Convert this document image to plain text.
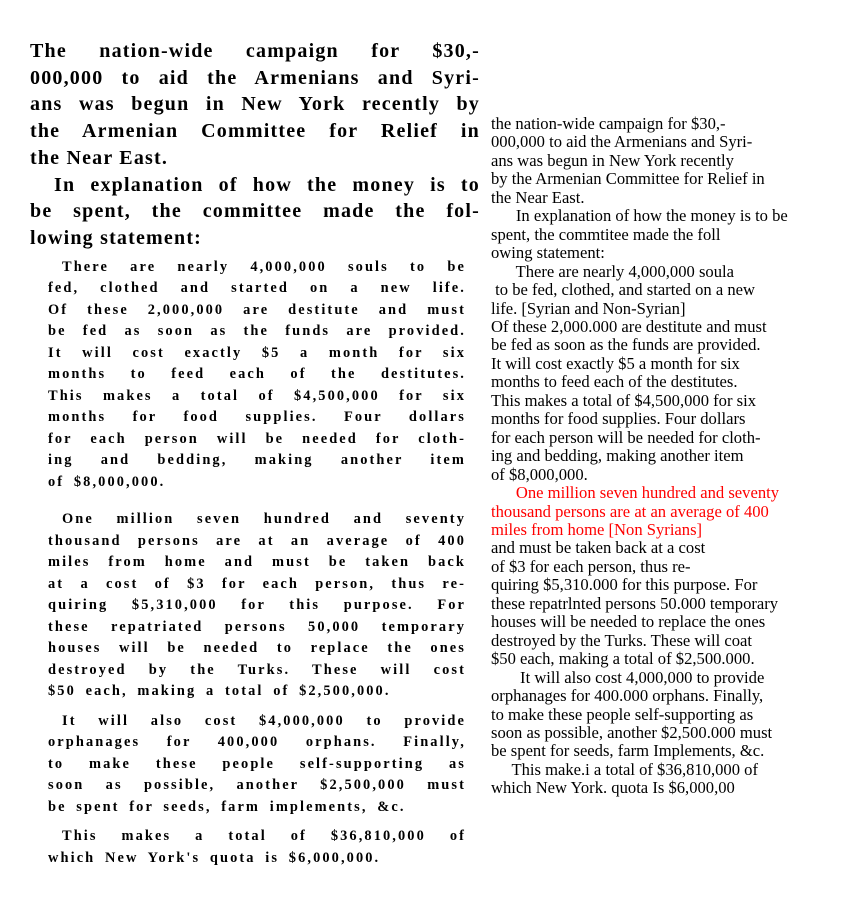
The nation-wide campaign for $30,-
000,000 to aid the Armenians and Syri-
ans was begun in New York recently by
the Armenian Committee for Relief in
the Near East.
In explanation of how the money is to
be spent, the committee made the fol-
lowing statement:
There are nearly 4,000,000 souls to be
fed, clothed and started on a new life.
Of these 2,000,000 are destitute and must
be fed as soon as the funds are provided.
It will cost exactly $5 a month for six
months to feed each of the destitutes.
This makes a total of $4,500,000 for six
months for food supplies. Four dollars
for each person will be needed for cloth-
ing and bedding, making another item
of $8,000,000.
One million seven hundred and seventy
thousand persons are at an average of 400
miles from home and must be taken back
at a cost of $3 for each person, thus re-
quiring $5,310,000 for this purpose. For
these repatriated persons 50,000 temporary
houses will be needed to replace the ones
destroyed by the Turks. These will cost
$50 each, making a total of $2,500,000.
It will also cost $4,000,000 to provide
orphanages for 400,000 orphans. Finally,
to make these people self-supporting as
soon as possible, another $2,500,000 must
be spent for seeds, farm implements, &c.
This makes a total of $36,810,000 of
which New York's quota is $6,000,000.
the nation-wide campaign for $30,-
000,000 to aid the Armenians and Syri-
ans was begun in New York recently
by the Armenian Committee for Relief in
the Near East.
In explanation of how the money is to be
spent, the commtitee made the foll
owing statement:
There are nearly 4,000,000 soula
to be fed, clothed, and started on a new
life. [Syrian and Non-Syrian]
Of these 2,000.000 are destitute and must
be fed as soon as the funds are provided.
It will cost exactly $5 a month for six
months to feed each of the destitutes.
This makes a total of $4,500,000 for six
months for food supplies. Four dollars
for each person will be needed for cloth-
ing and bedding, making another item
of $8,000,000.
One million seven hundred and seventy
thousand persons are at an average of 400
miles from home [Non Syrians]
and must be taken back at a cost
of $3 for each person, thus re-
quiring $5,310.000 for this purpose. For
these repatrlnted persons 50.000 temporary
houses will be needed to replace the ones
destroyed by the Turks. These will coat
$50 each, making a total of $2,500.000.
It will also cost 4,000,000 to provide
orphanages for 400.000 orphans. Finally,
to make these people self-supporting as
soon as possible, another $2,500.000 must
be spent for seeds, farm Implements, &c.
This make.i a total of $36,810,000 of
which New York. quota Is $6,000,00
